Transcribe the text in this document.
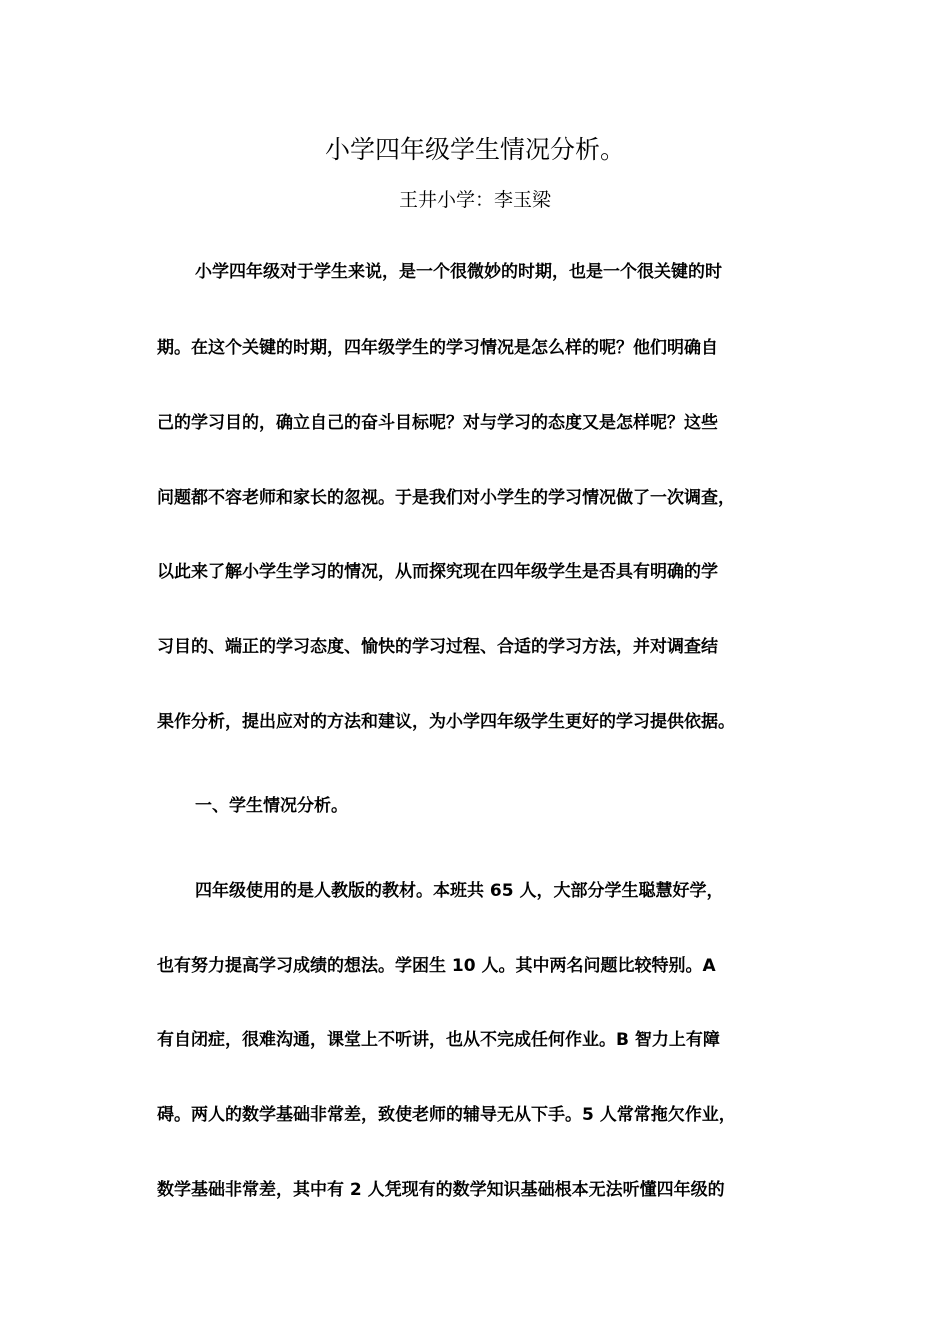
小学四年级学生情况分析。
王井小学：李玉梁
小学四年级对于学生来说，是一个很微妙的时期，也是一个很关键的时
期。在这个关键的时期，四年级学生的学习情况是怎么样的呢？他们明确自
己的学习目的，确立自己的奋斗目标呢？对与学习的态度又是怎样呢？这些
问题都不容老师和家长的忽视。于是我们对小学生的学习情况做了一次调查，
以此来了解小学生学习的情况，从而探究现在四年级学生是否具有明确的学
习目的、端正的学习态度、愉快的学习过程、合适的学习方法，并对调查结
果作分析，提出应对的方法和建议，为小学四年级学生更好的学习提供依据。
一、学生情况分析。
四年级使用的是人教版的教材。本班共 65 人，大部分学生聪慧好学，
也有努力提高学习成绩的想法。学困生 10 人。其中两名问题比较特别。A
有自闭症，很难沟通，课堂上不听讲，也从不完成任何作业。B 智力上有障
碍。两人的数学基础非常差，致使老师的辅导无从下手。5 人常常拖欠作业，
数学基础非常差，其中有 2 人凭现有的数学知识基础根本无法听懂四年级的
